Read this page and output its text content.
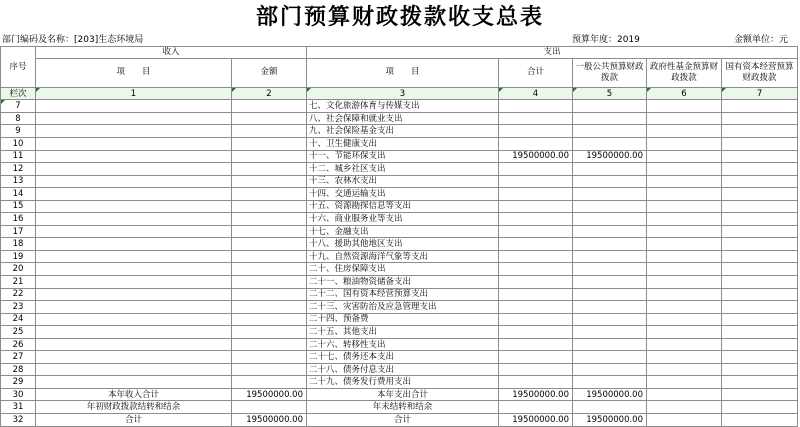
部门预算财政拨款收支总表
部门编码及名称：[203]生态环境局	预算年度：2019	金额单位：元
序号	收入		支出				
	项　　目	金额	项　　目	合计	一般公共预算财政拨款	政府性基金预算财政拨款	国有资本经营预算财政拨款
栏次	1	2	3	4	5	6	7
7			七、文化旅游体育与传媒支出				
8			八、社会保障和就业支出				
9			九、社会保险基金支出				
10			十、卫生健康支出				
11			十一、节能环保支出	19500000.00	19500000.00		
12			十二、城乡社区支出				
13			十三、农林水支出				
14			十四、交通运输支出				
15			十五、资源勘探信息等支出				
16			十六、商业服务业等支出				
17			十七、金融支出				
18			十八、援助其他地区支出				
19			十九、自然资源海洋气象等支出				
20			二十、住房保障支出				
21			二十一、粮油物资储备支出				
22			二十二、国有资本经营预算支出				
23			二十三、灾害防治及应急管理支出				
24			二十四、预备费				
25			二十五、其他支出				
26			二十六、转移性支出				
27			二十七、债务还本支出				
28			二十八、债务付息支出				
29			二十九、债务发行费用支出				
30	本年收入合计	19500000.00	本年支出合计	19500000.00	19500000.00		
31	年初财政拨款结转和结余		年末结转和结余				
32	合计	19500000.00	合计	19500000.00	19500000.00		
